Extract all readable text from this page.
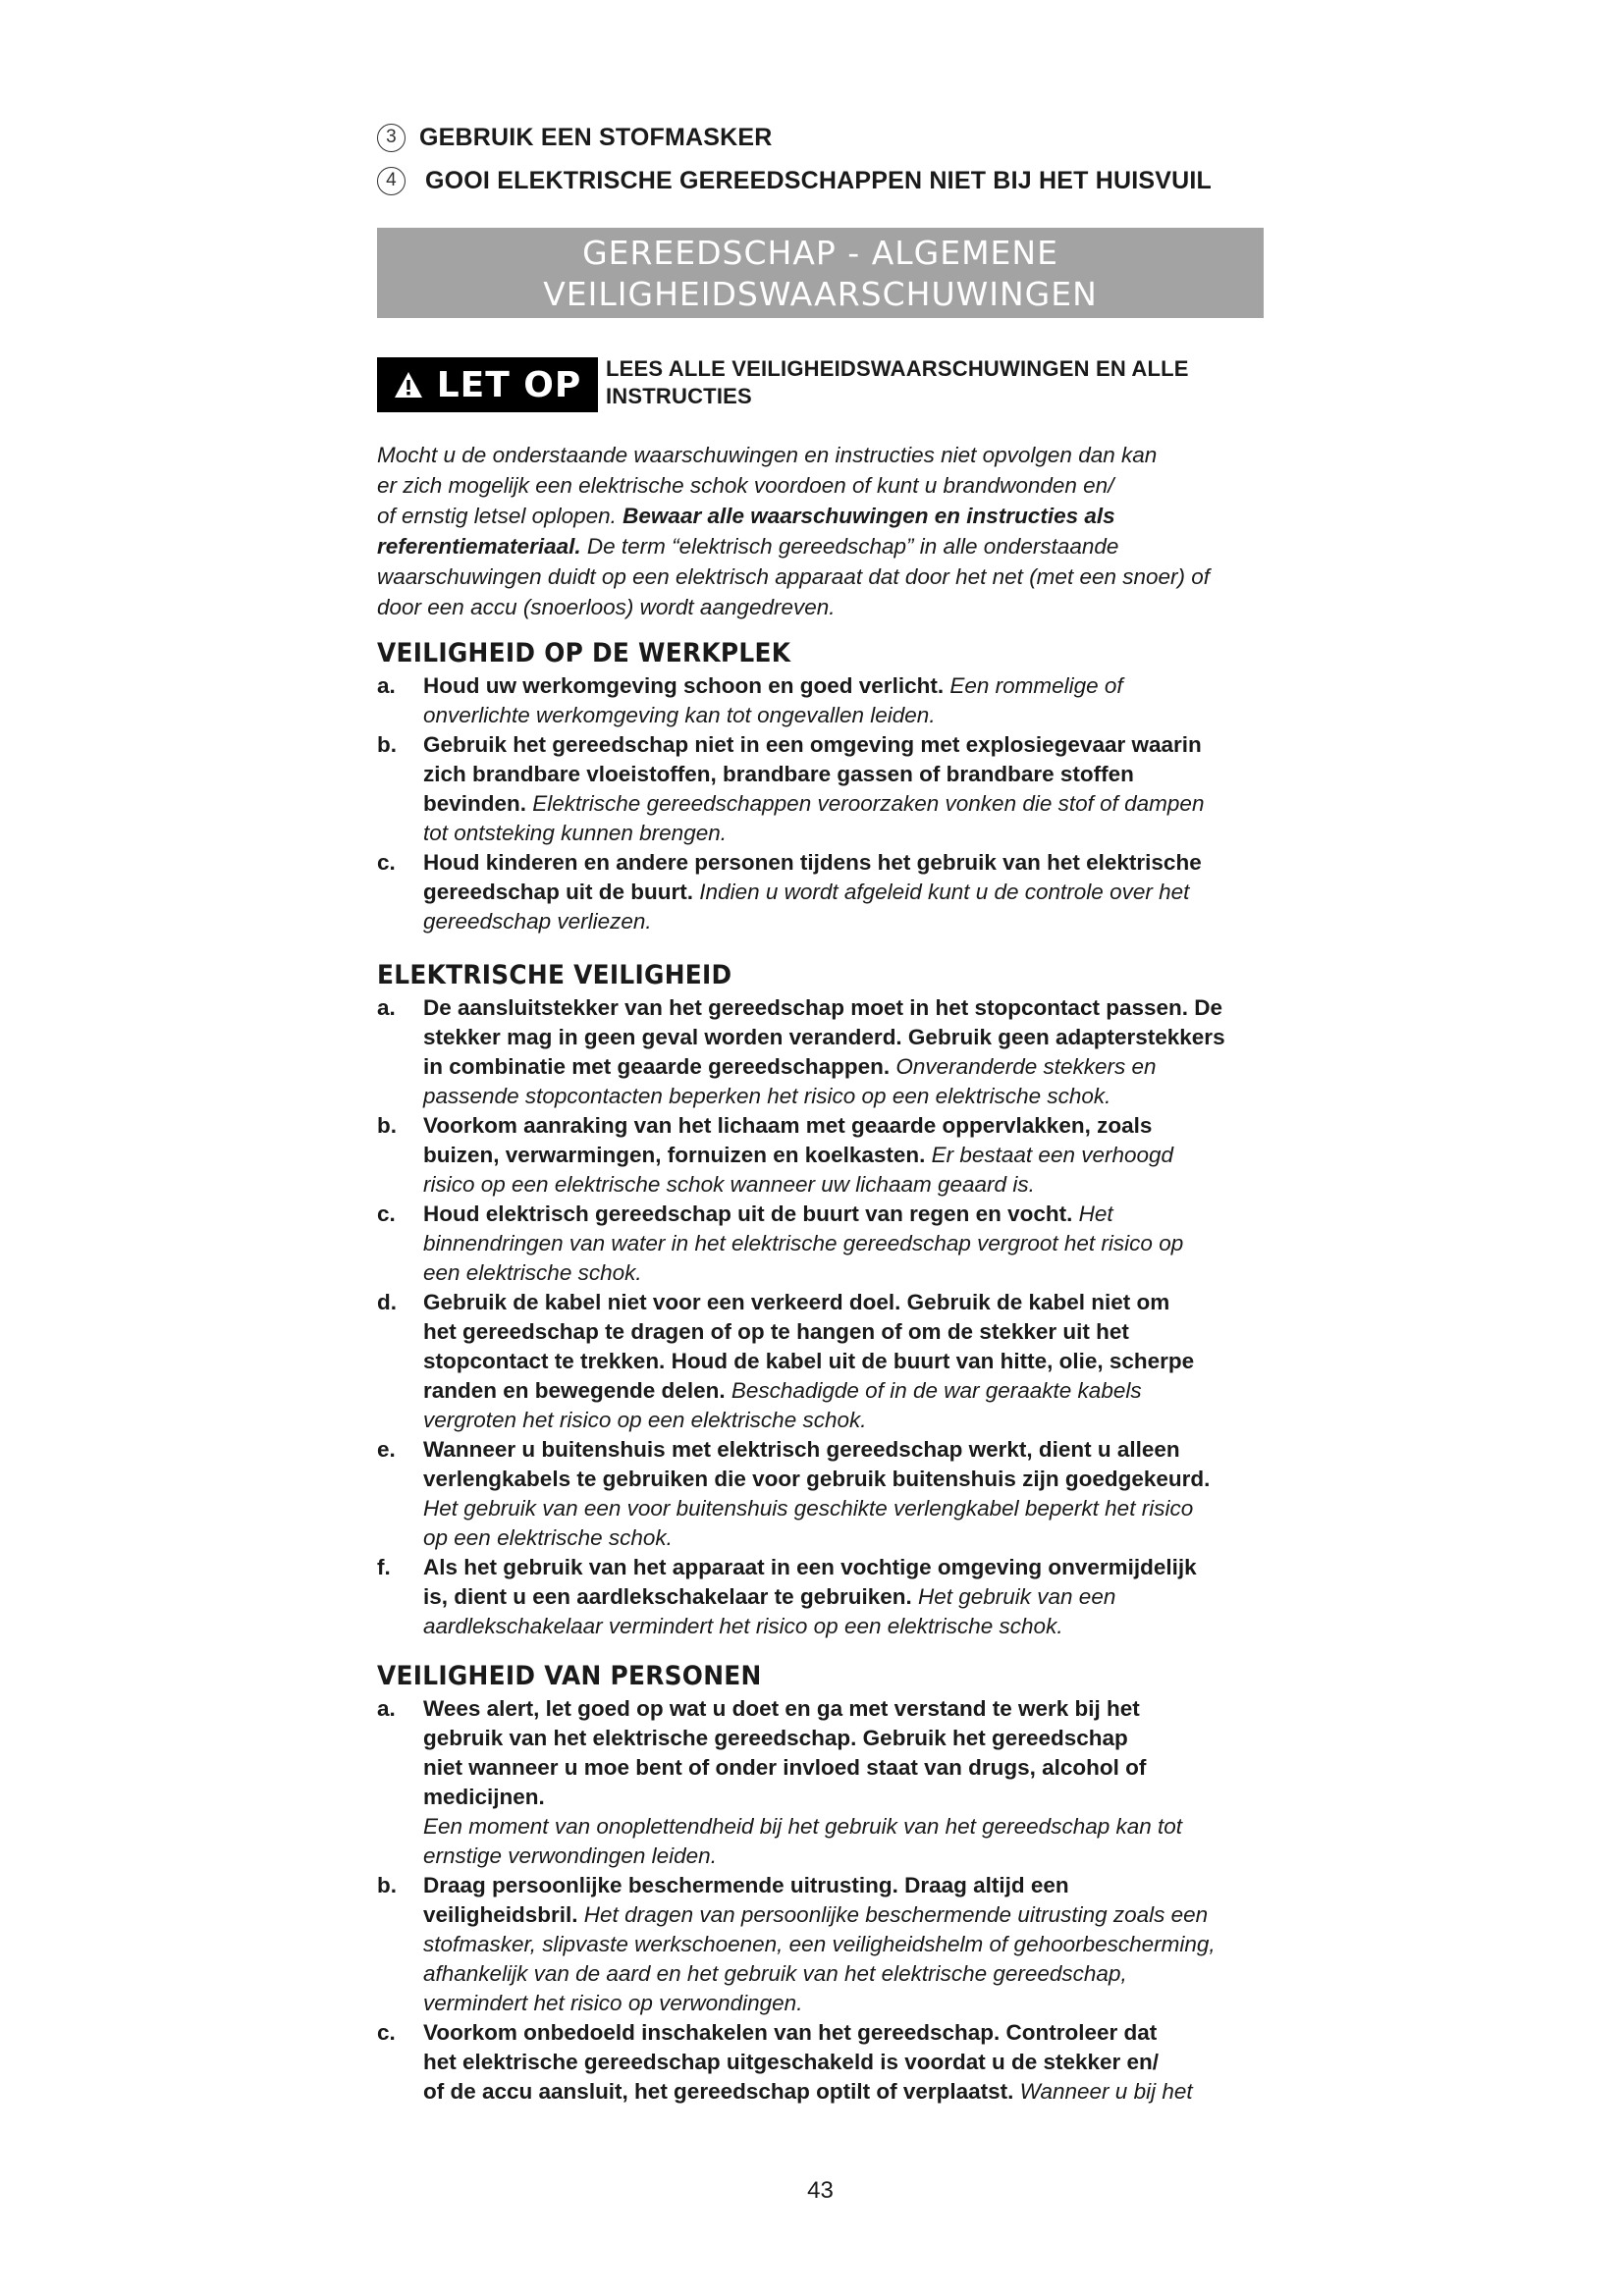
3 GEBRUIK EEN STOFMASKER
4	GOOI ELEKTRISCHE GEREEDSCHAPPEN NIET BIJ HET HUISVUIL
GEREEDSCHAP - ALGEMENE
VEILIGHEIDSWAARSCHUWINGEN
LET OP LEES ALLE VEILIGHEIDSWAARSCHUWINGEN EN ALLE
INSTRUCTIES

Mocht u de onderstaande waarschuwingen en instructies niet opvolgen dan kan

er zich mogelijk een elektrische schok voordoen of kunt u brandwonden en/

of ernstig letsel oplopen. Bewaar alle waarschuwingen en instructies als

referentiemateriaal. De term “elektrisch gereedschap” in alle onderstaande

waarschuwingen duidt op een elektrisch apparaat dat door het net (met een snoer) of

door een accu (snoerloos) wordt aangedreven.

VEILIGHEID OP DE WERKPLEK
a. Houd uw werkomgeving schoon en goed verlicht. Een rommelige of

onverlichte werkomgeving kan tot ongevallen leiden.

b. Gebruik het gereedschap niet in een omgeving met explosiegevaar waarin

zich brandbare vloeistoffen, brandbare gassen of brandbare stoffen

bevinden. Elektrische gereedschappen veroorzaken vonken die stof of dampen

tot ontsteking kunnen brengen.

c. Houd kinderen en andere personen tijdens het gebruik van het elektrische

gereedschap uit de buurt. Indien u wordt afgeleid kunt u de controle over het

gereedschap verliezen.

ELEKTRISCHE VEILIGHEID
a. De aansluitstekker van het gereedschap moet in het stopcontact passen. De

stekker mag in geen geval worden veranderd. Gebruik geen adapterstekkers

in combinatie met geaarde gereedschappen. Onveranderde stekkers en

passende stopcontacten beperken het risico op een elektrische schok.

b. Voorkom aanraking van het lichaam met geaarde oppervlakken, zoals

buizen, verwarmingen, fornuizen en koelkasten. Er bestaat een verhoogd

risico op een elektrische schok wanneer uw lichaam geaard is.

c. Houd elektrisch gereedschap uit de buurt van regen en vocht. Het

binnendringen van water in het elektrische gereedschap vergroot het risico op

een elektrische schok.

d. Gebruik de kabel niet voor een verkeerd doel. Gebruik de kabel niet om

het gereedschap te dragen of op te hangen of om de stekker uit het

stopcontact te trekken. Houd de kabel uit de buurt van hitte, olie, scherpe

randen en bewegende delen. Beschadigde of in de war geraakte kabels

vergroten het risico op een elektrische schok.

e. Wanneer u buitenshuis met elektrisch gereedschap werkt, dient u alleen

verlengkabels te gebruiken die voor gebruik buitenshuis zijn goedgekeurd.

Het gebruik van een voor buitenshuis geschikte verlengkabel beperkt het risico

op een elektrische schok.

f. Als het gebruik van het apparaat in een vochtige omgeving onvermijdelijk

is, dient u een aardlekschakelaar te gebruiken. Het gebruik van een

aardlekschakelaar vermindert het risico op een elektrische schok.

VEILIGHEID VAN PERSONEN
a. Wees alert, let goed op wat u doet en ga met verstand te werk bij het

gebruik van het elektrische gereedschap. Gebruik het gereedschap

niet wanneer u moe bent of onder invloed staat van drugs, alcohol of

medicijnen.

Een moment van onoplettendheid bij het gebruik van het gereedschap kan tot

ernstige verwondingen leiden.

b. Draag persoonlijke beschermende uitrusting. Draag altijd een

veiligheidsbril. Het dragen van persoonlijke beschermende uitrusting zoals een

stofmasker, slipvaste werkschoenen, een veiligheidshelm of gehoorbescherming,

afhankelijk van de aard en het gebruik van het elektrische gereedschap,

vermindert het risico op verwondingen.

c. Voorkom onbedoeld inschakelen van het gereedschap. Controleer dat

het elektrische gereedschap uitgeschakeld is voordat u de stekker en/

of de accu aansluit, het gereedschap optilt of verplaatst. Wanneer u bij het

43
